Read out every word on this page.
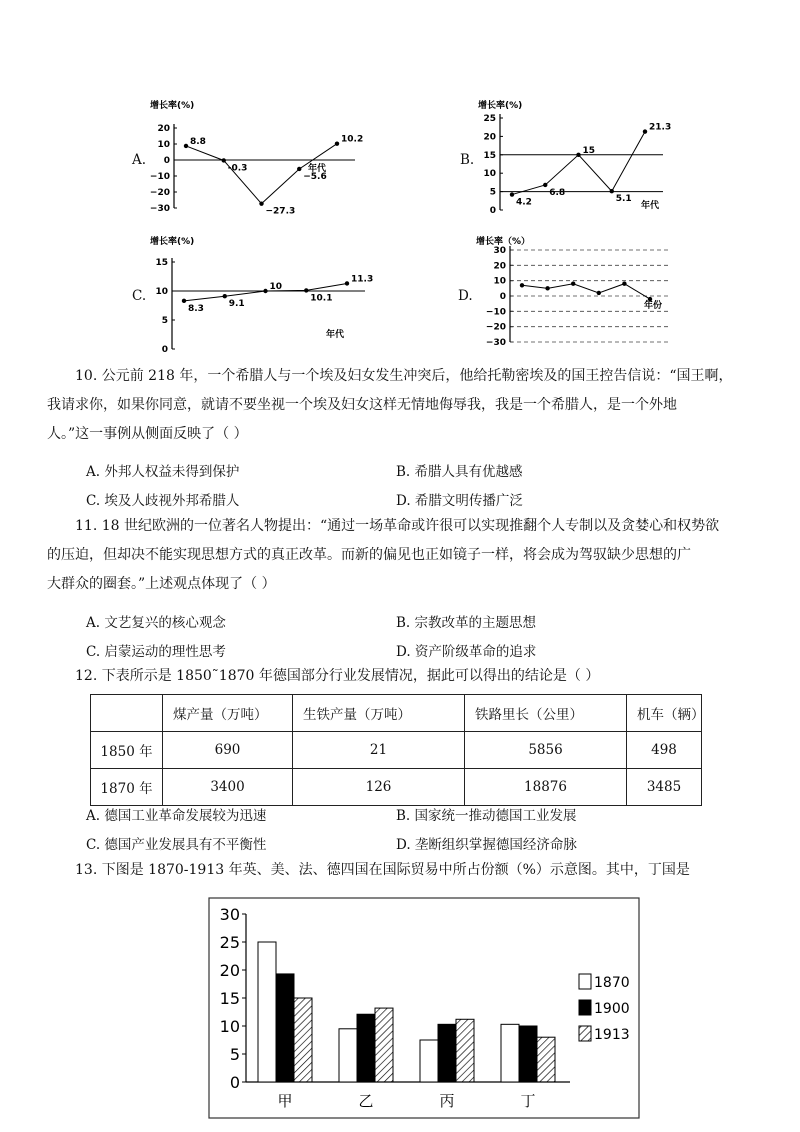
A.
增长率(%)
20
10
0
−10
−20
−30
8.8
-0.3
−27.3
−5.6
10.2
年代
B.
增长率(%)
25
20
15
10
5
0
4.2
6.8
15
5.1
21.3
年代
C.
增长率(%)
15
10
5
0
8.3	9.1
10
10.1
11.3
年代
D.
增长率（%）
30
20
10
0
−10
−20
−30
年份
10. 公元前 218 年，一个希腊人与一个埃及妇女发生冲突后，他给托勒密埃及的国王控告信说：“国王啊，
我请求你，如果你同意，就请不要坐视一个埃及妇女这样无情地侮辱我，我是一个希腊人，是一个外地
人。”这一事例从侧面反映了（ ）
A. 外邦人权益未得到保护	B. 希腊人具有优越感
C. 埃及人歧视外邦希腊人	D. 希腊文明传播广泛
11. 18 世纪欧洲的一位著名人物提出：“通过一场革命或许很可以实现推翻个人专制以及贪婪心和权势欲
的压迫，但却决不能实现思想方式的真正改革。而新的偏见也正如镜子一样，将会成为驾驭缺少思想的广
大群众的圈套。”上述观点体现了（ ）
A. 文艺复兴的核心观念	B. 宗教改革的主题思想
C. 启蒙运动的理性思考	D. 资产阶级革命的追求
12. 下表所示是 1850˜1870 年德国部分行业发展情况，据此可以得出的结论是（ ）
	煤产量（万吨）	生铁产量（万吨）	铁路里长（公里）	机车（辆）
1850 年	690	21	5856	498
1870 年	3400	126	18876	3485
A. 德国工业革命发展较为迅速	B. 国家统一推动德国工业发展
C. 德国产业发展具有不平衡性	D. 垄断组织掌握德国经济命脉
13. 下图是 1870-1913 年英、美、法、德四国在国际贸易中所占份额（%）示意图。其中，丁国是
30
25
20
15
10
5
0
甲	乙	丙	丁
1870
1900
1913
